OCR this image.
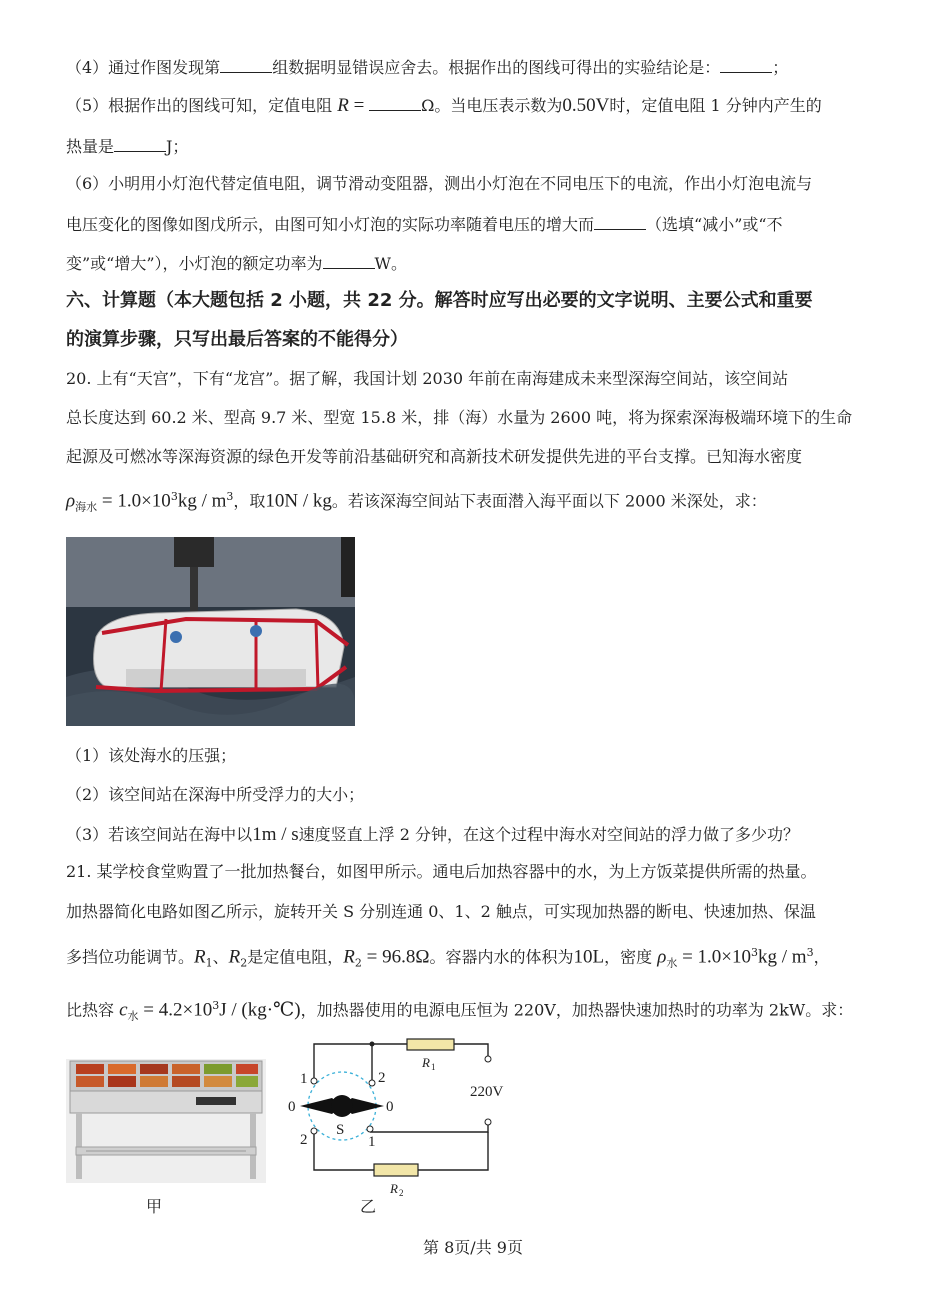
（4）通过作图发现第	组数据明显错误应舍去。根据作出的图线可得出的实验结论是：	；
（5）根据作出的图线可知，定值电阻 R =	Ω。当电压表示数为0.50V时，定值电阻 1 分钟内产生的
热量是	J；
（6）小明用小灯泡代替定值电阻，调节滑动变阻器，测出小灯泡在不同电压下的电流，作出小灯泡电流与
电压变化的图像如图戊所示，由图可知小灯泡的实际功率随着电压的增大而	（选填“减小”或“不
变”或“增大”），小灯泡的额定功率为	W。
六、计算题（本大题包括 2 小题，共 22 分。解答时应写出必要的文字说明、主要公式和重要
的演算步骤，只写出最后答案的不能得分）
20. 上有“天宫”，下有“龙宫”。据了解，我国计划 2030 年前在南海建成未来型深海空间站，该空间站
总长度达到 60.2 米、型高 9.7 米、型宽 15.8 米，排（海）水量为 2600 吨，将为探索深海极端环境下的生命
起源及可燃冰等深海资源的绿色开发等前沿基础研究和高新技术研发提供先进的平台支撑。已知海水密度
$\rho_{海水} = 1.0\times 10^3kg / m^3$，取10N / kg。若该深海空间站下表面潜入海平面以下 2000 米深处，求：
（1）该处海水的压强；
（2）该空间站在深海中所受浮力的大小；
（3）若该空间站在海中以1m / s速度竖直上浮 2 分钟，在这个过程中海水对空间站的浮力做了多少功？
21. 某学校食堂购置了一批加热餐台，如图甲所示。通电后加热容器中的水，为上方饭菜提供所需的热量。
加热器简化电路如图乙所示，旋转开关 S 分别连通 0、1、2 触点，可实现加热器的断电、快速加热、保温
多挡位功能调节。$R_1$、$R_2$是定值电阻，$R_2 = 96.8\Omega$。容器内水的体积为10L，密度 $\rho_水 = 1.0\times 10^3kg / m^3$，
比热容 $c_水 = 4.2\times 10^3J$ / (kg·℃)，加热器使用的电源电压恒为 220V，加热器快速加热时的功率为 2kW。求：
1	2
0	0
2	1
S
220V
R 1
R 2
甲	乙
第 8页/共 9页
